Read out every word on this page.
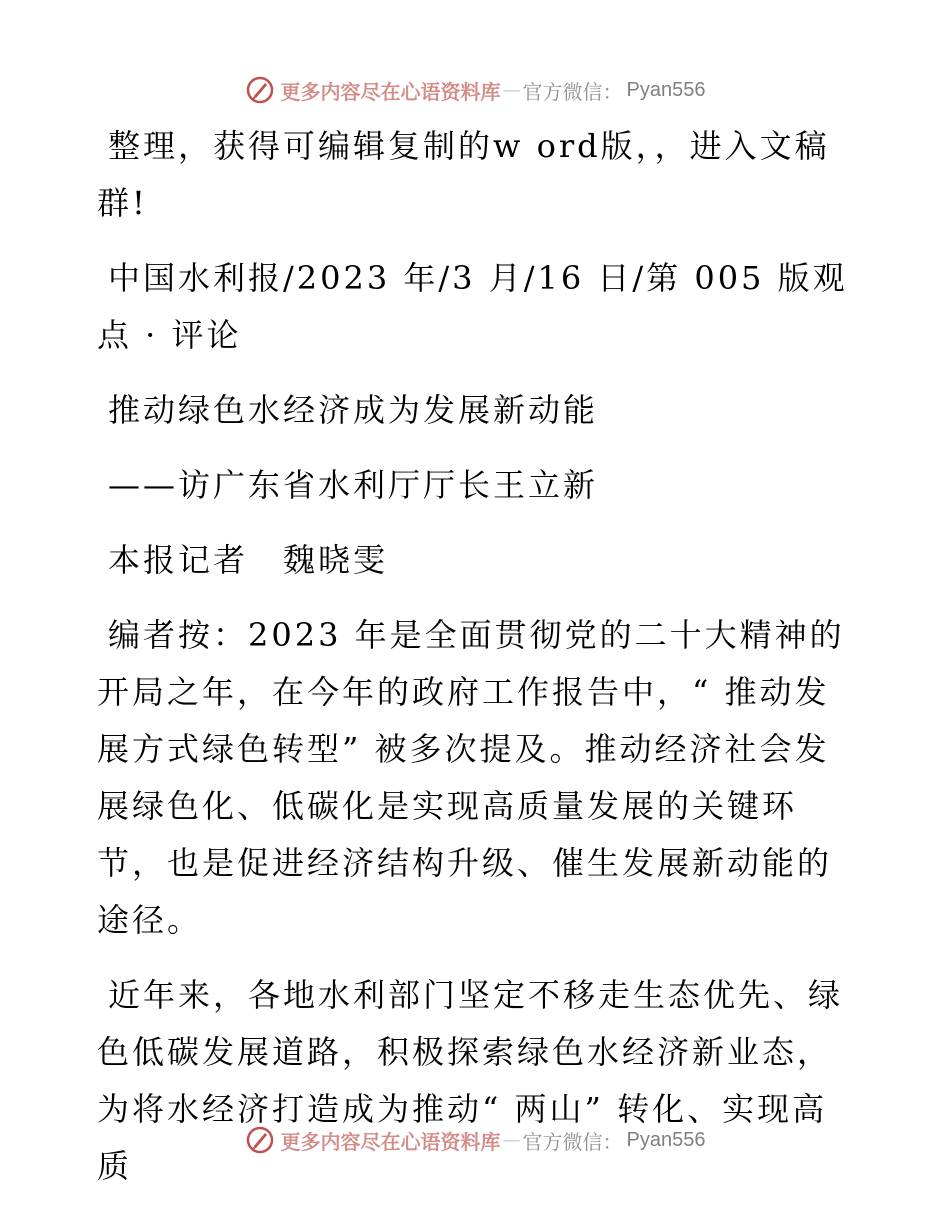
更多内容尽在心语资料库 — 官方微信： Pyan556

整理，获得可编辑复制的w ord版，，进入文稿群!

中国水利报/2023 年/3 月/16 日/第 005 版观点 · 评论

推动绿色水经济成为发展新动能

——访广东省水利厅厅长王立新

本报记者　魏晓雯

编者按：2023 年是全面贯彻党的二十大精神的开局之年，在今年的政府工作报告中，“ 推动发展方式绿色转型” 被多次提及。推动经济社会发展绿色化、低碳化是实现高质量发展的关键环节，也是促进经济结构升级、催生发展新动能的途径。

近年来，各地水利部门坚定不移走生态优先、绿色低碳发展道路，积极探索绿色水经济新业态，为将水经济打造成为推动“ 两山” 转化、实现高质

更多内容尽在心语资料库 — 官方微信： Pyan556
